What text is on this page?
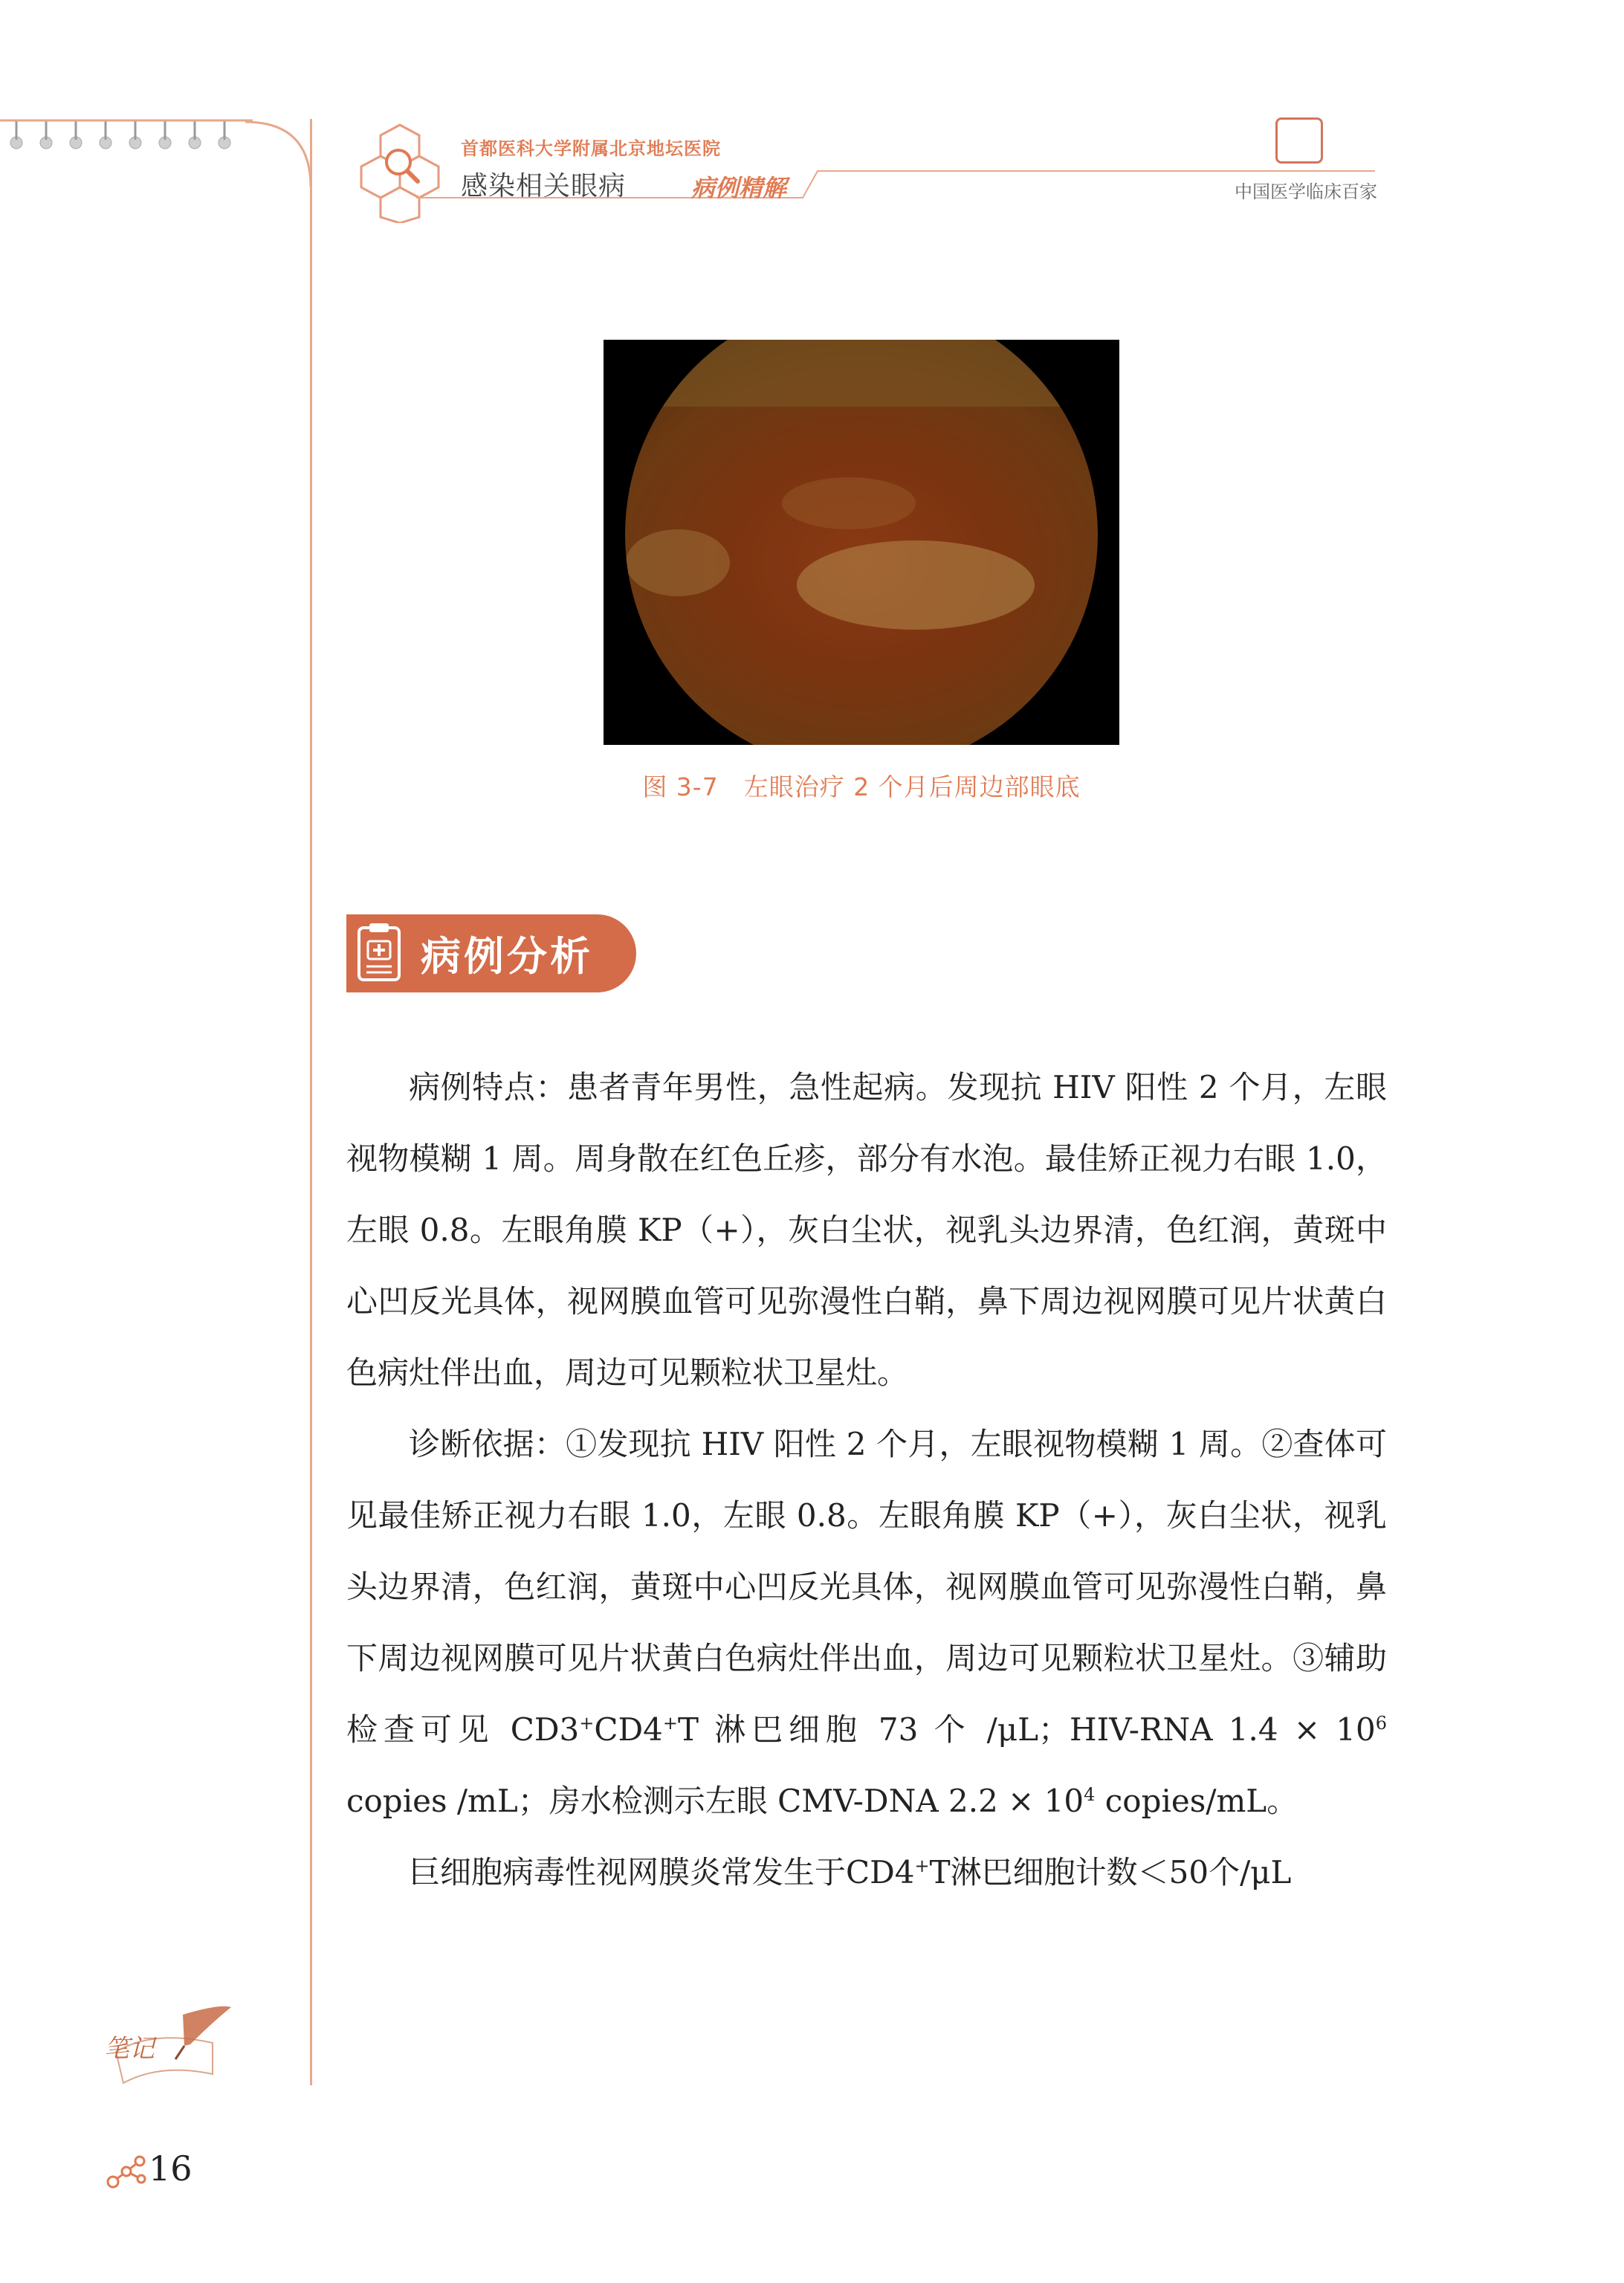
首都医科大学附属北京地坛医院
感染相关眼病	病例精解	中国医学临床百家
图 3-7　左眼治疗 2 个月后周边部眼底
病例分析

病例特点：患者青年男性，急性起病。发现抗 HIV 阳性 2 个月，左眼视物模糊 1 周。周身散在红色丘疹，部分有水泡。最佳矫正视力右眼 1.0，左眼 0.8。左眼角膜 KP（+），灰白尘状，视乳头边界清，色红润，黄斑中心凹反光具体，视网膜血管可见弥漫性白鞘，鼻下周边视网膜可见片状黄白色病灶伴出血，周边可见颗粒状卫星灶。

诊断依据：①发现抗 HIV 阳性 2 个月，左眼视物模糊 1 周。②查体可见最佳矫正视力右眼 1.0，左眼 0.8。左眼角膜 KP（+），灰白尘状，视乳头边界清，色红润，黄斑中心凹反光具体，视网膜血管可见弥漫性白鞘，鼻下周边视网膜可见片状黄白色病灶伴出血，周边可见颗粒状卫星灶。③辅助检查可见 CD3+CD4+T 淋巴细胞 73 个 /μL；HIV-RNA $1.4 \times 10^6$ copies /mL；房水检测示左眼 CMV-DNA $2.2 \times 10^4$ copies/mL。

巨细胞病毒性视网膜炎常发生于CD4+T淋巴细胞计数＜50个/μL

笔记
16
